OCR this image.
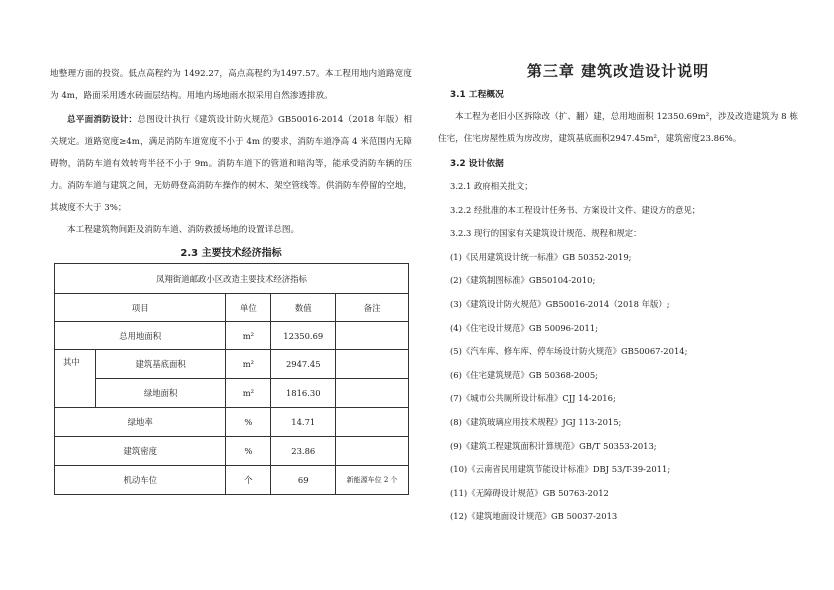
地整理方面的投资。低点高程约为 1492.27，高点高程约为1497.57。本工程用地内道路宽度为 4m，路面采用透水砖面层结构。用地内场地雨水拟采用自然渗透排放。

总平面消防设计：总图设计执行《建筑设计防火规范》GB50016-2014（2018 年版）相关规定。道路宽度≥4m，满足消防车道宽度不小于 4m 的要求，消防车道净高 4 米范围内无障碍物，消防车道有效转弯半径不小于 9m。消防车道下的管道和暗沟等，能承受消防车辆的压力。消防车道与建筑之间，无妨碍登高消防车操作的树木、架空管线等。供消防车停留的空地，其坡度不大于 3%；

本工程建筑物间距及消防车道、消防救援场地的设置详总图。

2.3 主要技术经济指标
凤翔街道邮政小区改造主要技术经济指标				
项目		单位	数值	备注
总用地面积		m²	12350.69	
其中	建筑基底面积	m²	2947.45	
	绿地面积	m²	1816.30	
绿地率		%	14.71	
建筑密度		%	23.86	
机动车位		个	69	新能源车位 2 个
第三章 建筑改造设计说明
3.1 工程概况

本工程为老旧小区拆除改（扩、翻）建，总用地面积 12350.69m²，涉及改造建筑为 8 栋住宅，住宅房屋性质为房改房，建筑基底面积2947.45m²，建筑密度23.86%。

3.2 设计依据
3.2.1 政府相关批文；
3.2.2 经批准的本工程设计任务书、方案设计文件、建设方的意见；
3.2.3 现行的国家有关建筑设计规范、规程和规定：
(1)《民用建筑设计统一标准》GB 50352-2019;
(2)《建筑制图标准》GB50104-2010;
(3)《建筑设计防火规范》GB50016-2014（2018 年版）;
(4)《住宅设计规范》GB 50096-2011;
(5)《汽车库、修车库、停车场设计防火规范》GB50067-2014;
(6)《住宅建筑规范》GB 50368-2005;
(7)《城市公共厕所设计标准》CJJ 14-2016;
(8)《建筑玻璃应用技术规程》JGJ 113-2015;
(9)《建筑工程建筑面积计算规范》GB/T 50353-2013;
(10)《云南省民用建筑节能设计标准》DBJ 53/T-39-2011;
(11)《无障碍设计规范》GB 50763-2012
(12)《建筑地面设计规范》GB 50037-2013
